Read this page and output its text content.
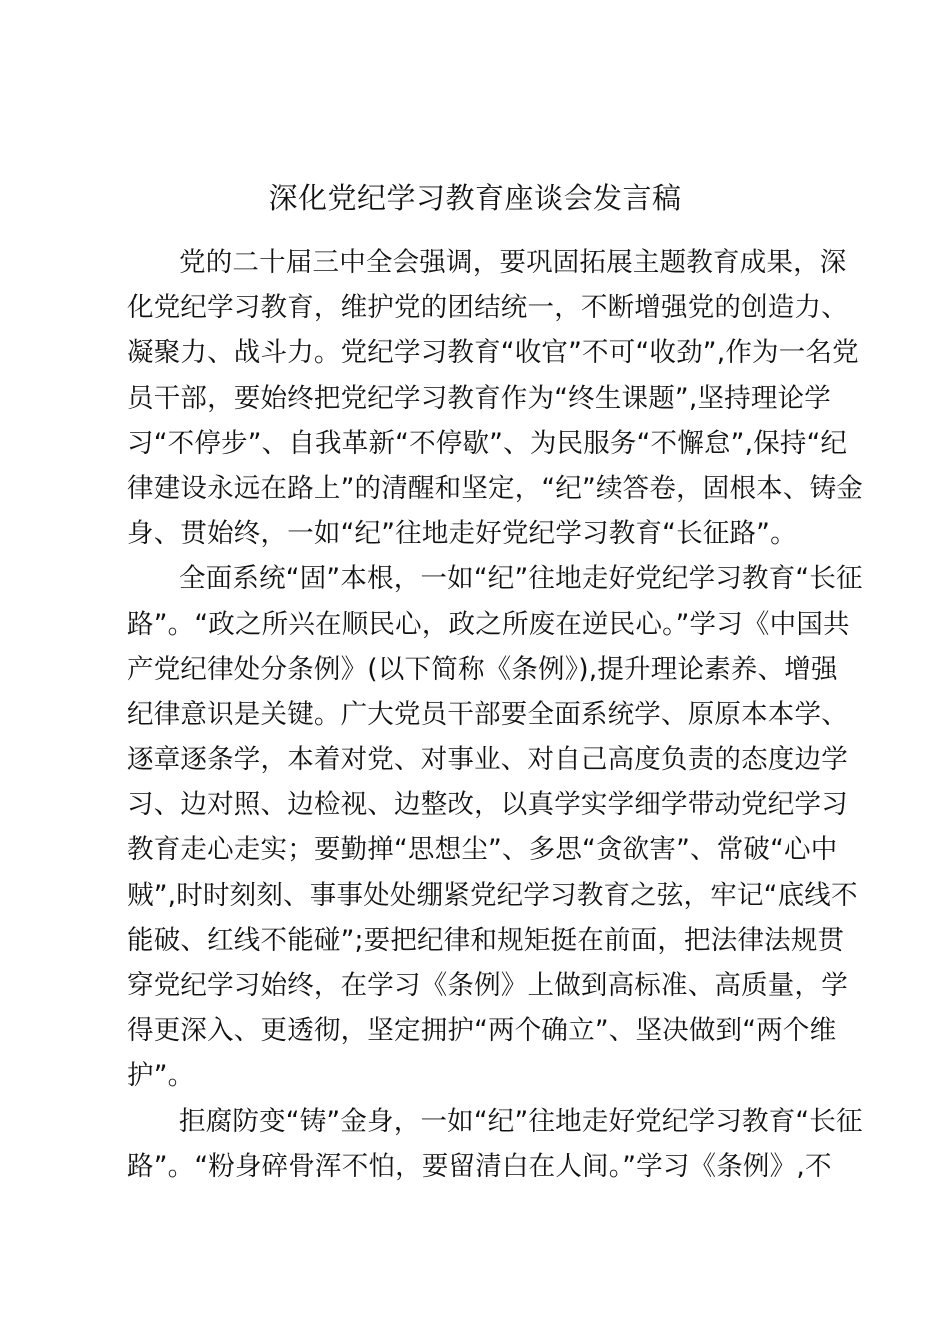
深化党纪学习教育座谈会发言稿
党的二十届三中全会强调，要巩固拓展主题教育成果，深
化党纪学习教育，维护党的团结统一，不断增强党的创造力、
凝聚力、战斗力。党纪学习教育“收官”不可“收劲”,作为一名党
员干部，要始终把党纪学习教育作为“终生课题”,坚持理论学
习“不停步”、自我革新“不停歇”、为民服务“不懈怠”,保持“纪
律建设永远在路上”的清醒和坚定，“纪”续答卷，固根本、铸金
身、贯始终，一如“纪”往地走好党纪学习教育“长征路”。
全面系统“固”本根，一如“纪”往地走好党纪学习教育“长征
路”。“政之所兴在顺民心，政之所废在逆民心。”学习《中国共
产党纪律处分条例》(以下简称《条例》),提升理论素养、增强
纪律意识是关键。广大党员干部要全面系统学、原原本本学、
逐章逐条学，本着对党、对事业、对自己高度负责的态度边学
习、边对照、边检视、边整改，以真学实学细学带动党纪学习
教育走心走实；要勤掸“思想尘”、多思“贪欲害”、常破“心中
贼”,时时刻刻、事事处处绷紧党纪学习教育之弦，牢记“底线不
能破、红线不能碰”;要把纪律和规矩挺在前面，把法律法规贯
穿党纪学习始终，在学习《条例》上做到高标准、高质量，学
得更深入、更透彻，坚定拥护“两个确立”、坚决做到“两个维
护”。
拒腐防变“铸”金身，一如“纪”往地走好党纪学习教育“长征
路”。“粉身碎骨浑不怕，要留清白在人间。”学习《条例》,不
